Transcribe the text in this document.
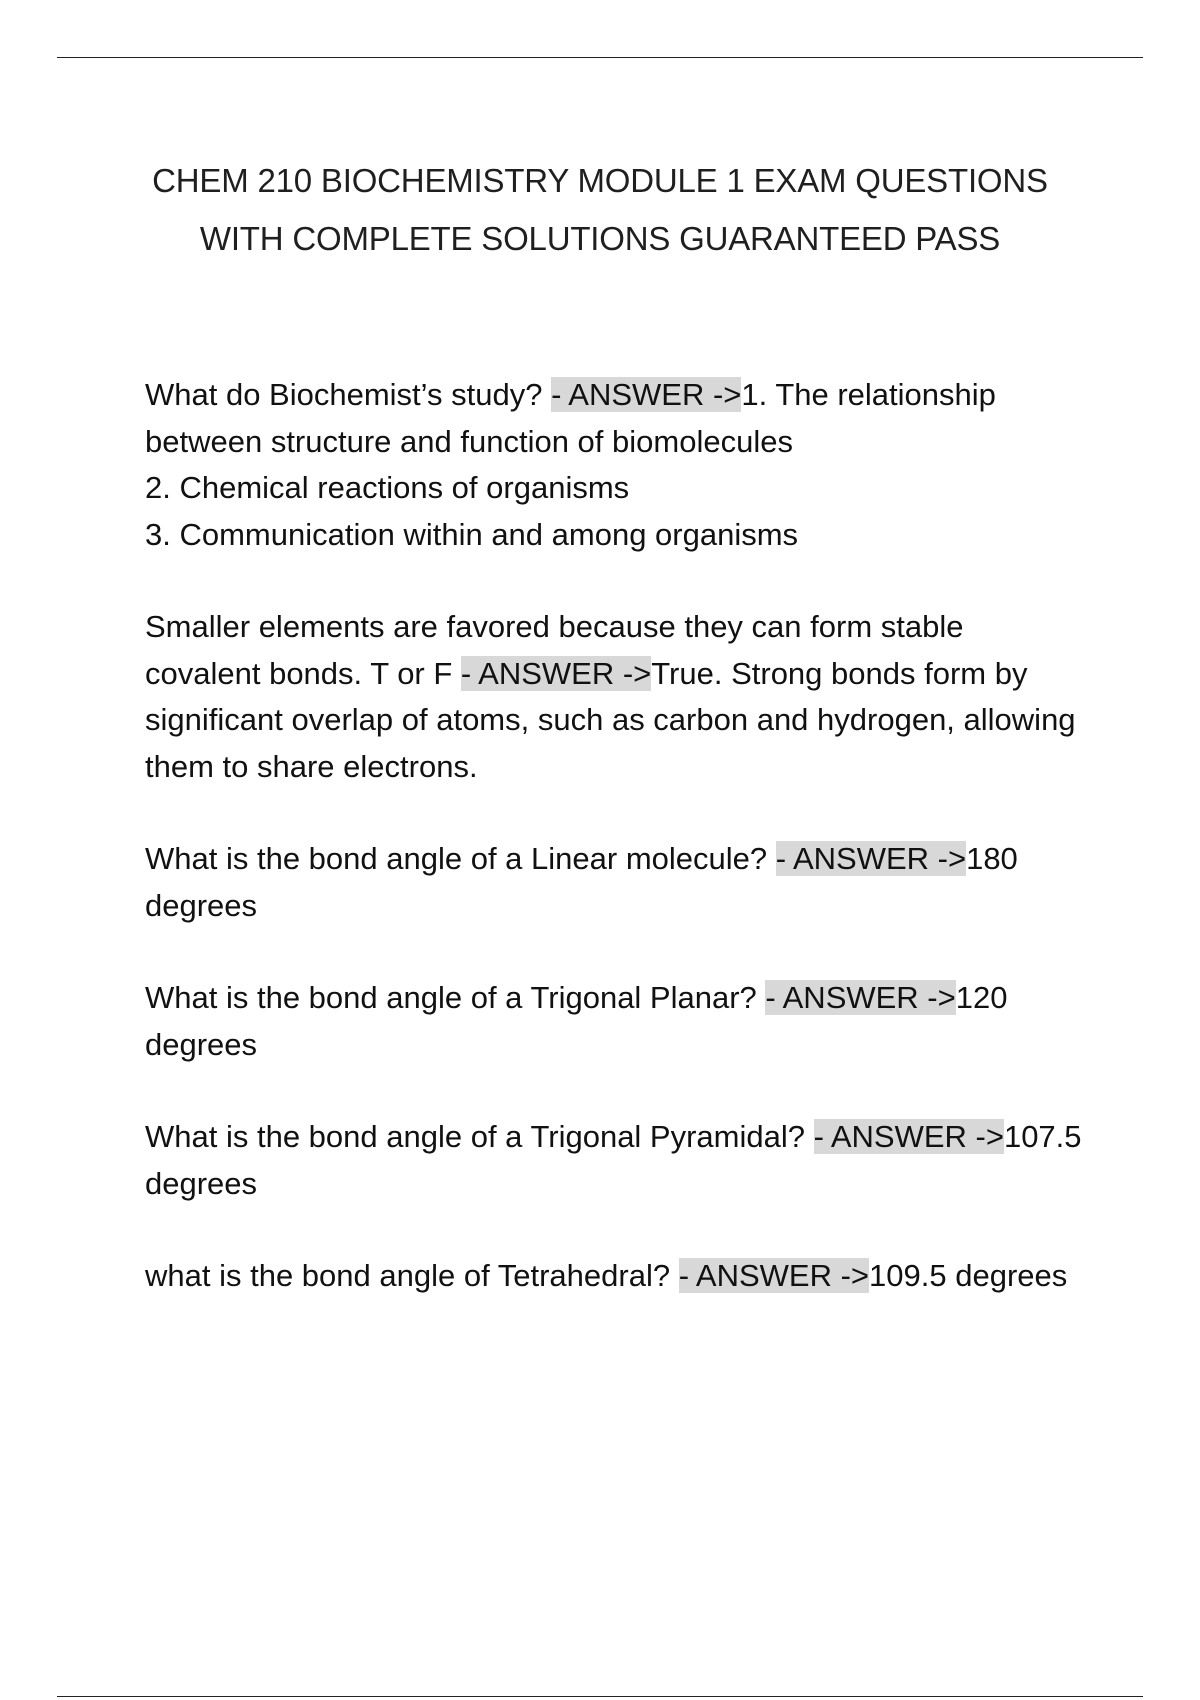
CHEM 210 BIOCHEMISTRY MODULE 1 EXAM QUESTIONS
WITH COMPLETE SOLUTIONS GUARANTEED PASS
What do Biochemist’s study? - ANSWER ->1. The relationship between structure and function of biomolecules
2. Chemical reactions of organisms
3. Communication within and among organisms
Smaller elements are favored because they can form stable covalent bonds. T or F - ANSWER ->True. Strong bonds form by significant overlap of atoms, such as carbon and hydrogen, allowing them to share electrons.
What is the bond angle of a Linear molecule? - ANSWER ->180 degrees
What is the bond angle of a Trigonal Planar? - ANSWER ->120 degrees
What is the bond angle of a Trigonal Pyramidal? - ANSWER ->107.5 degrees
what is the bond angle of Tetrahedral? - ANSWER ->109.5 degrees
